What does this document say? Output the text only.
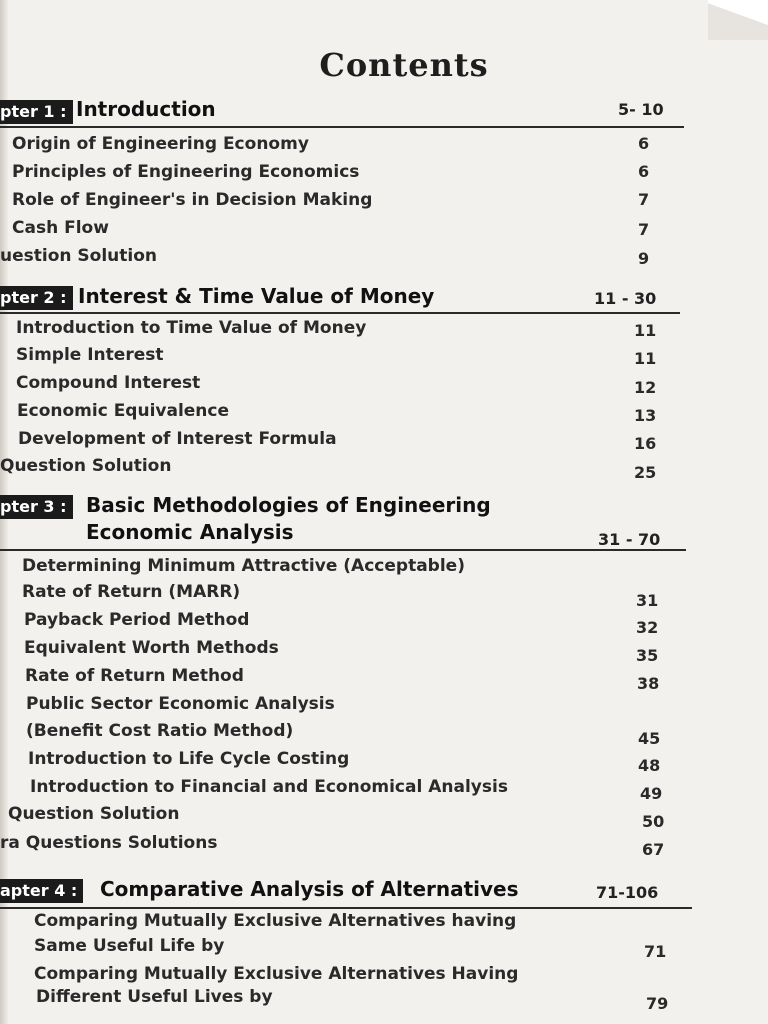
Contents
pter 1 : Introduction	5- 10
Origin of Engineering Economy	6
Principles of Engineering Economics	6
Role of Engineer's in Decision Making	7
Cash Flow	7
uestion Solution	9
pter 2 : Interest & Time Value of Money	11 - 30
Introduction to Time Value of Money	11
Simple Interest	11
Compound Interest	12
Economic Equivalence	13
Development of Interest Formula	16
Question Solution	25
pter 3 : Basic Methodologies of Engineering
Economic Analysis	31 - 70
Determining Minimum Attractive (Acceptable)
Rate of Return (MARR)	31
Payback Period Method	32
Equivalent Worth Methods	35
Rate of Return Method	38
Public Sector Economic Analysis
(Benefit Cost Ratio Method)	45
Introduction to Life Cycle Costing	48
Introduction to Financial and Economical Analysis	49
Question Solution	50
ra Questions Solutions	67
apter 4 :	Comparative Analysis of Alternatives	71-106
Comparing Mutually Exclusive Alternatives having
Same Useful Life by	71
Comparing Mutually Exclusive Alternatives Having
Different Useful Lives by	79
